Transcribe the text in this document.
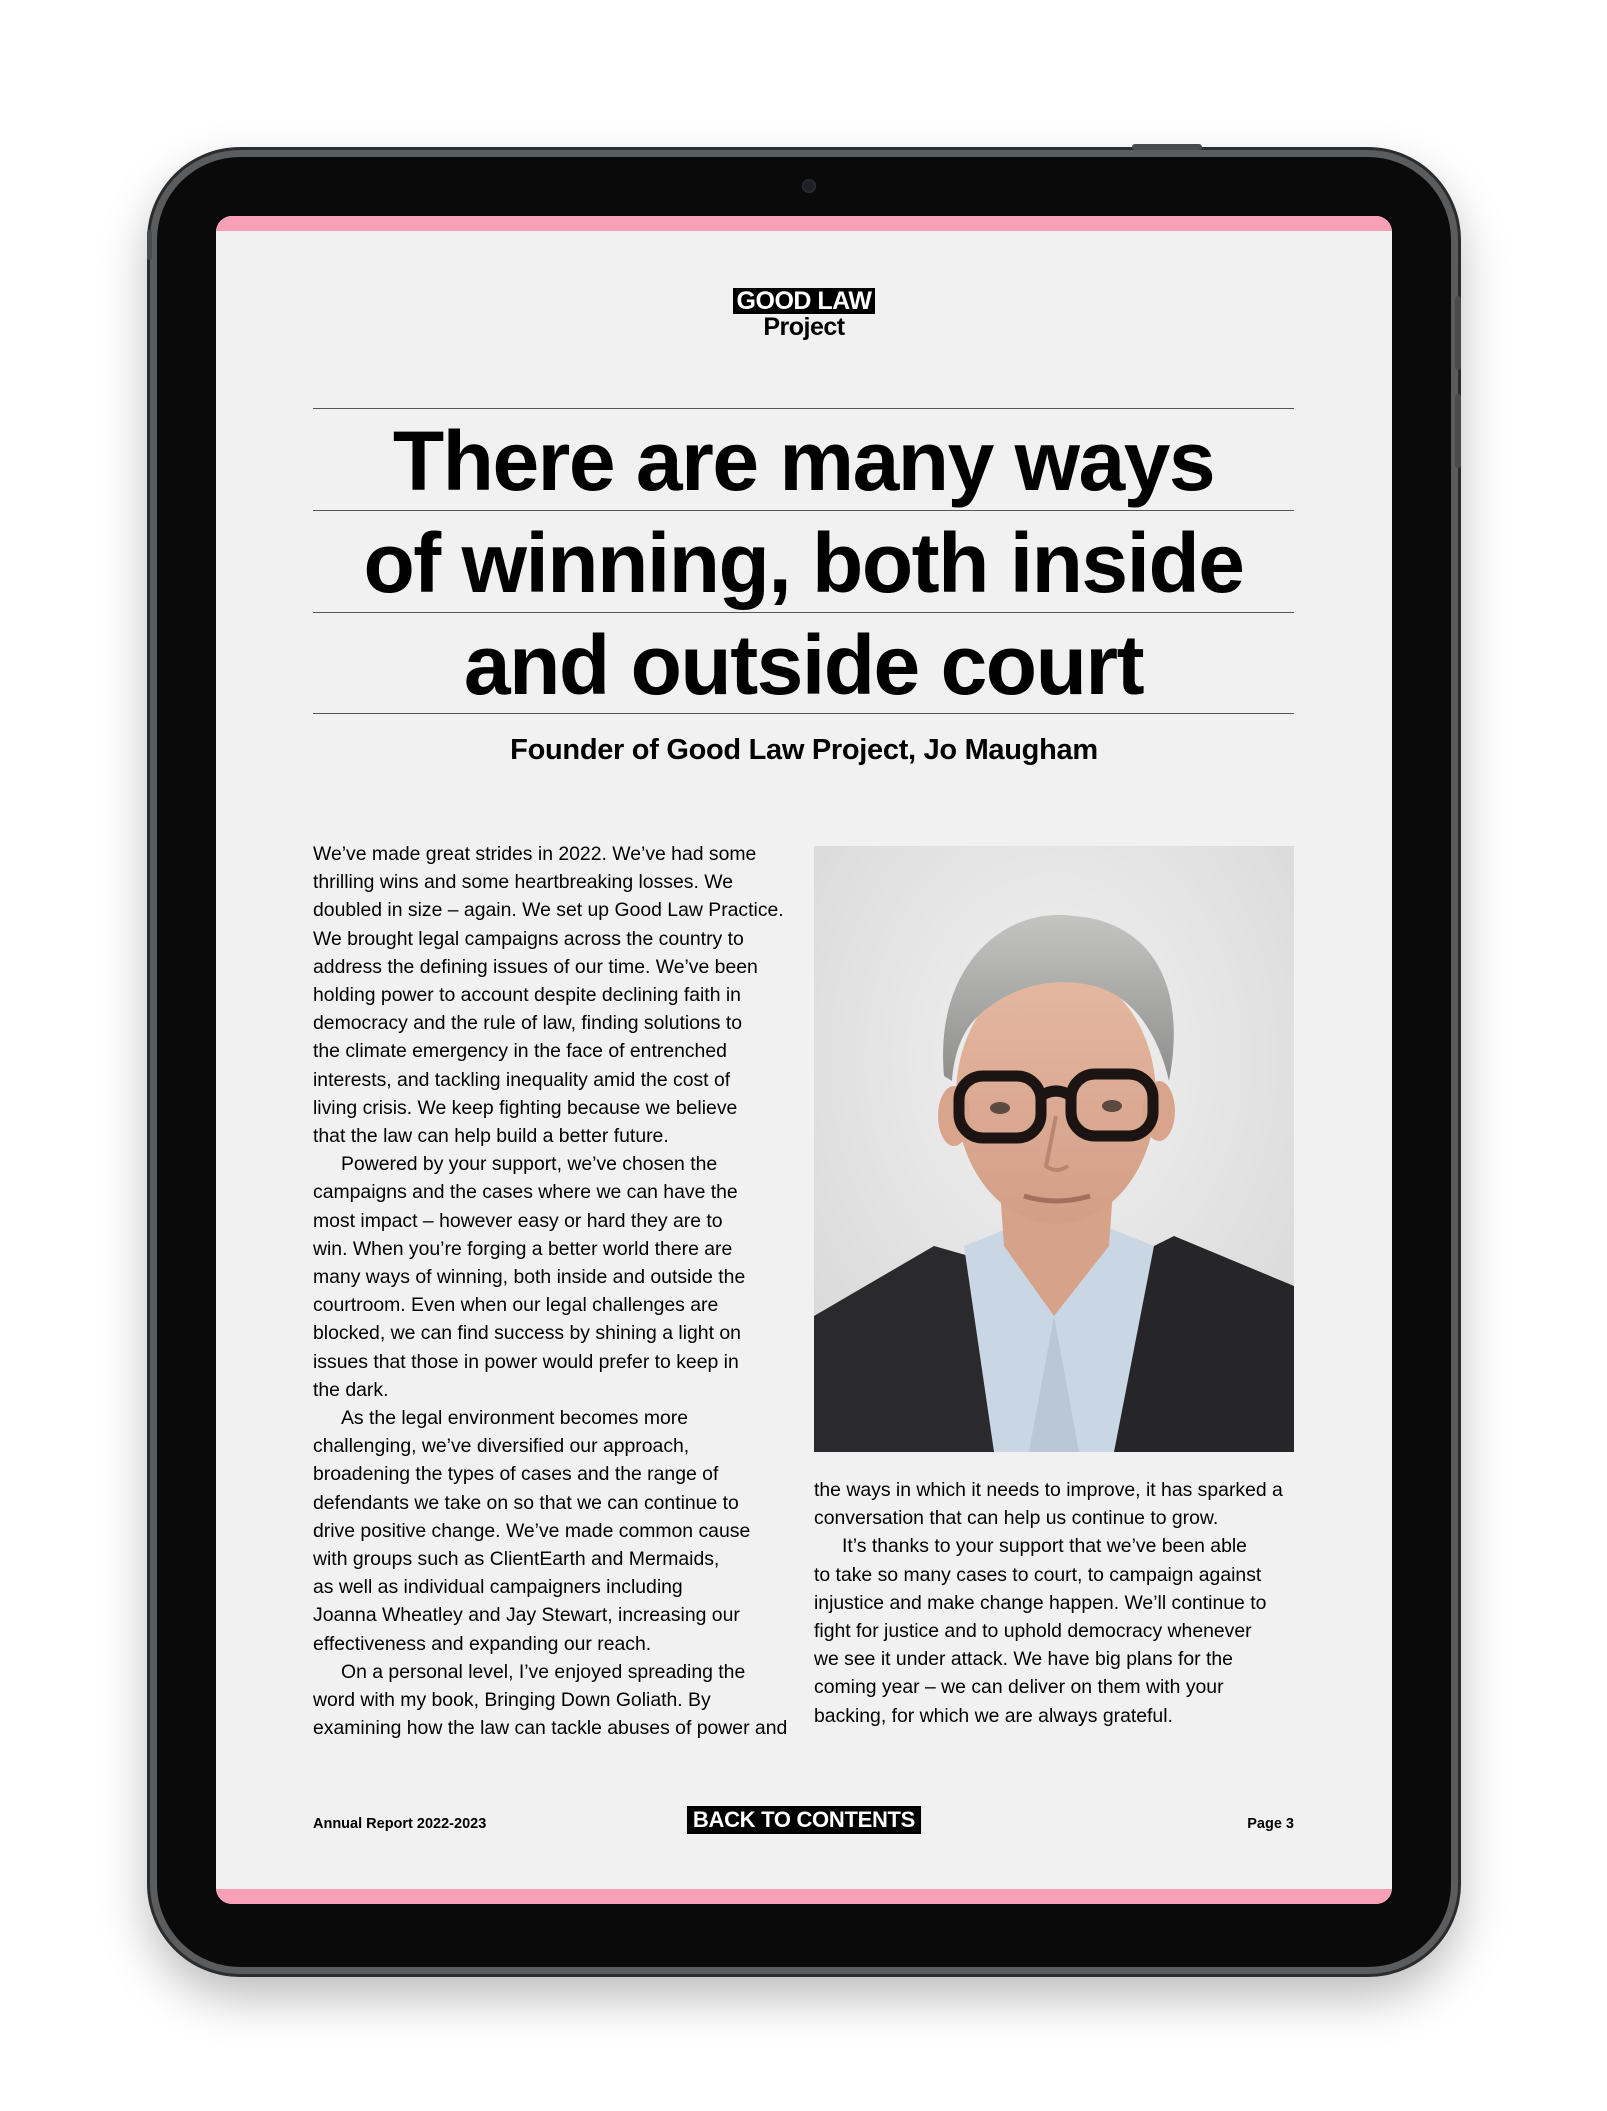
GOOD LAW
Project
There are many ways
of winning, both inside
and outside court
Founder of Good Law Project, Jo Maugham

We’ve made great strides in 2022. We’ve had some
thrilling wins and some heartbreaking losses. We
doubled in size – again. We set up Good Law Practice.
We brought legal campaigns across the country to
address the defining issues of our time. We’ve been
holding power to account despite declining faith in
democracy and the rule of law, finding solutions to
the climate emergency in the face of entrenched
interests, and tackling inequality amid the cost of
living crisis. We keep fighting because we believe
that the law can help build a better future.

Powered by your support, we’ve chosen the
campaigns and the cases where we can have the
most impact – however easy or hard they are to
win. When you’re forging a better world there are
many ways of winning, both inside and outside the
courtroom. Even when our legal challenges are
blocked, we can find success by shining a light on
issues that those in power would prefer to keep in
the dark.

As the legal environment becomes more
challenging, we’ve diversified our approach,
broadening the types of cases and the range of
defendants we take on so that we can continue to
drive positive change. We’ve made common cause
with groups such as ClientEarth and Mermaids,
as well as individual campaigners including
Joanna Wheatley and Jay Stewart, increasing our
effectiveness and expanding our reach.

On a personal level, I’ve enjoyed spreading the
word with my book, Bringing Down Goliath. By
examining how the law can tackle abuses of power and

the ways in which it needs to improve, it has sparked a
conversation that can help us continue to grow.

It’s thanks to your support that we’ve been able
to take so many cases to court, to campaign against
injustice and make change happen. We’ll continue to
fight for justice and to uphold democracy whenever
we see it under attack. We have big plans for the
coming year – we can deliver on them with your
backing, for which we are always grateful.

Annual Report 2022-2023	BACK TO CONTENTS	Page 3
